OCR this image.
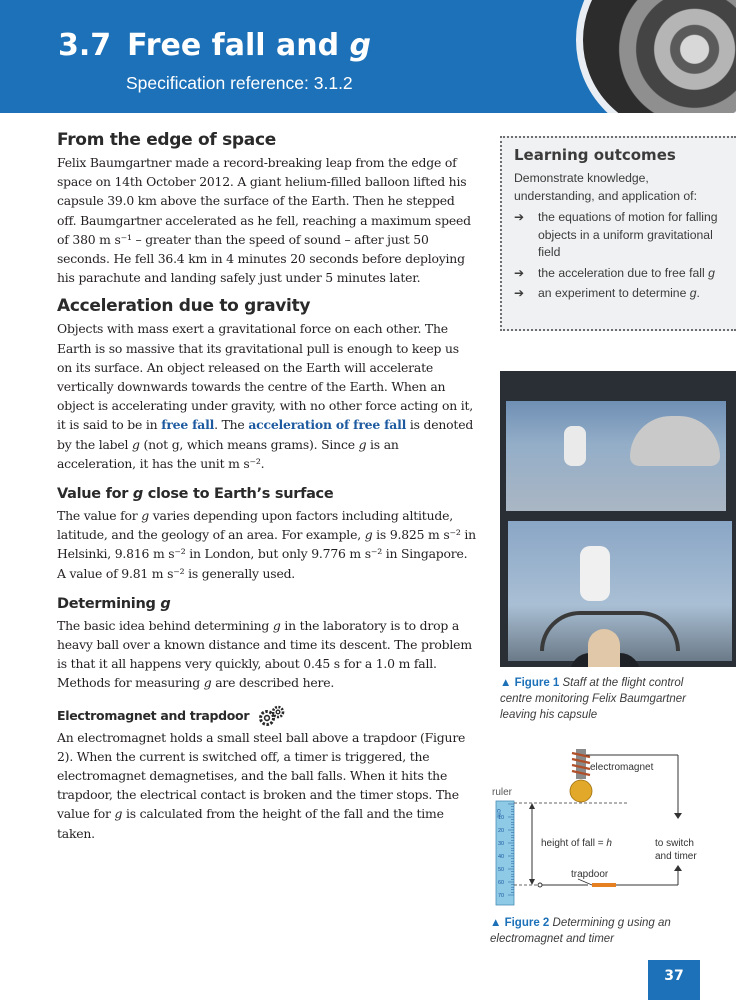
3.7 Free fall and g
Specification reference: 3.1.2
From the edge of space

Felix Baumgartner made a record-breaking leap from the edge of space on 14th October 2012. A giant helium-filled balloon lifted his capsule 39.0 km above the surface of the Earth. Then he stepped off. Baumgartner accelerated as he fell, reaching a maximum speed of 380 m s⁻¹ – greater than the speed of sound – after just 50 seconds. He fell 36.4 km in 4 minutes 20 seconds before deploying his parachute and landing safely just under 5 minutes later.

Acceleration due to gravity

Objects with mass exert a gravitational force on each other. The Earth is so massive that its gravitational pull is enough to keep us on its surface. An object released on the Earth will accelerate vertically downwards towards the centre of the Earth. When an object is accelerating under gravity, with no other force acting on it, it is said to be in free fall. The acceleration of free fall is denoted by the label g (not g, which means grams). Since g is an acceleration, it has the unit m s⁻².

Value for g close to Earth’s surface

The value for g varies depending upon factors including altitude, latitude, and the geology of an area. For example, g is 9.825 m s⁻² in Helsinki, 9.816 m s⁻² in London, but only 9.776 m s⁻² in Singapore. A value of 9.81 m s⁻² is generally used.

Determining g

The basic idea behind determining g in the laboratory is to drop a heavy ball over a known distance and time its descent. The problem is that it all happens very quickly, about 0.45 s for a 1.0 m fall. Methods for measuring g are described here.

Electromagnet and trapdoor

An electromagnet holds a small steel ball above a trapdoor (Figure 2). When the current is switched off, a timer is triggered, the electromagnet demagnetises, and the ball falls. When it hits the trapdoor, the electrical contact is broken and the timer stops. The value for g is calculated from the height of the fall and the time taken.

Learning outcomes
Demonstrate knowledge, understanding, and application of:
➔ the equations of motion for falling objects in a uniform gravitational field
➔ the acceleration due to free fall g
➔ an experiment to determine g.
▲ Figure 1 Staff at the flight control centre monitoring Felix Baumgartner leaving his capsule
ruler
cm
10
20
30
40
50
60
70
electromagnet
height of fall = h	to switch
and timer
trapdoor
▲ Figure 2 Determining g using an electromagnet and timer
37
